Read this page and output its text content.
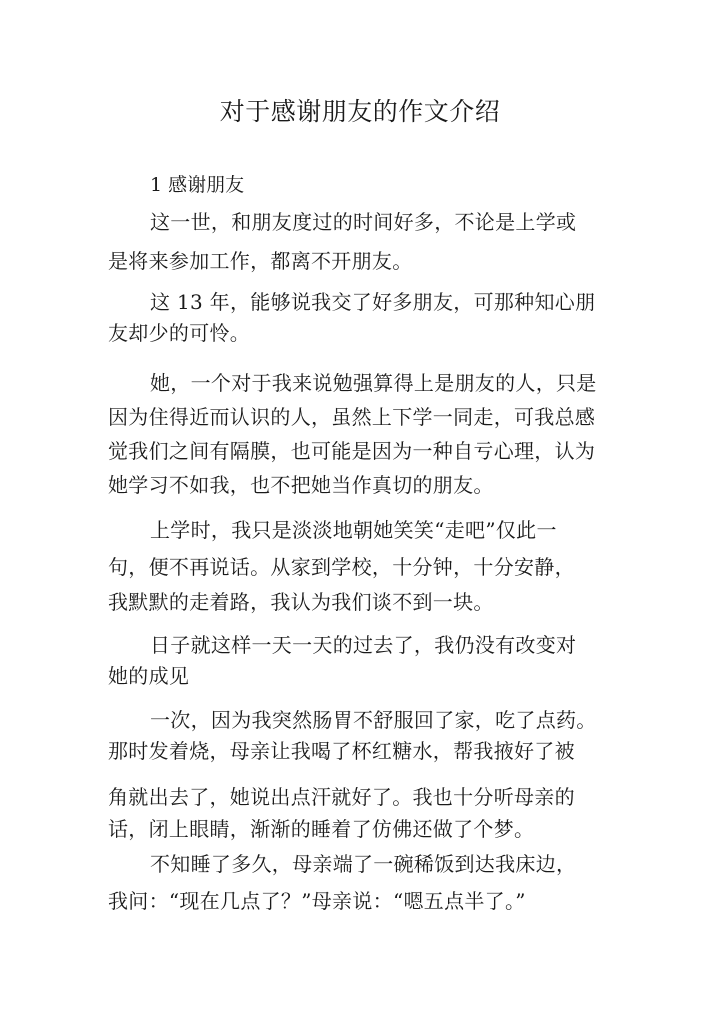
对于感谢朋友的作文介绍
1 感谢朋友
这一世，和朋友度过的时间好多，不论是上学或
是将来参加工作，都离不开朋友。
这 13 年，能够说我交了好多朋友，可那种知心朋
友却少的可怜。
她，一个对于我来说勉强算得上是朋友的人，只是
因为住得近而认识的人，虽然上下学一同走，可我总感
觉我们之间有隔膜，也可能是因为一种自亏心理，认为
她学习不如我，也不把她当作真切的朋友。
上学时，我只是淡淡地朝她笑笑“走吧”仅此一
句，便不再说话。从家到学校，十分钟，十分安静，
我默默的走着路，我认为我们谈不到一块。
日子就这样一天一天的过去了，我仍没有改变对
她的成见
一次，因为我突然肠胃不舒服回了家，吃了点药。
那时发着烧，母亲让我喝了杯红糖水，帮我掖好了被
角就出去了，她说出点汗就好了。我也十分听母亲的
话，闭上眼睛，渐渐的睡着了仿佛还做了个梦。
不知睡了多久，母亲端了一碗稀饭到达我床边，
我问：“现在几点了？”母亲说：“嗯五点半了。”
